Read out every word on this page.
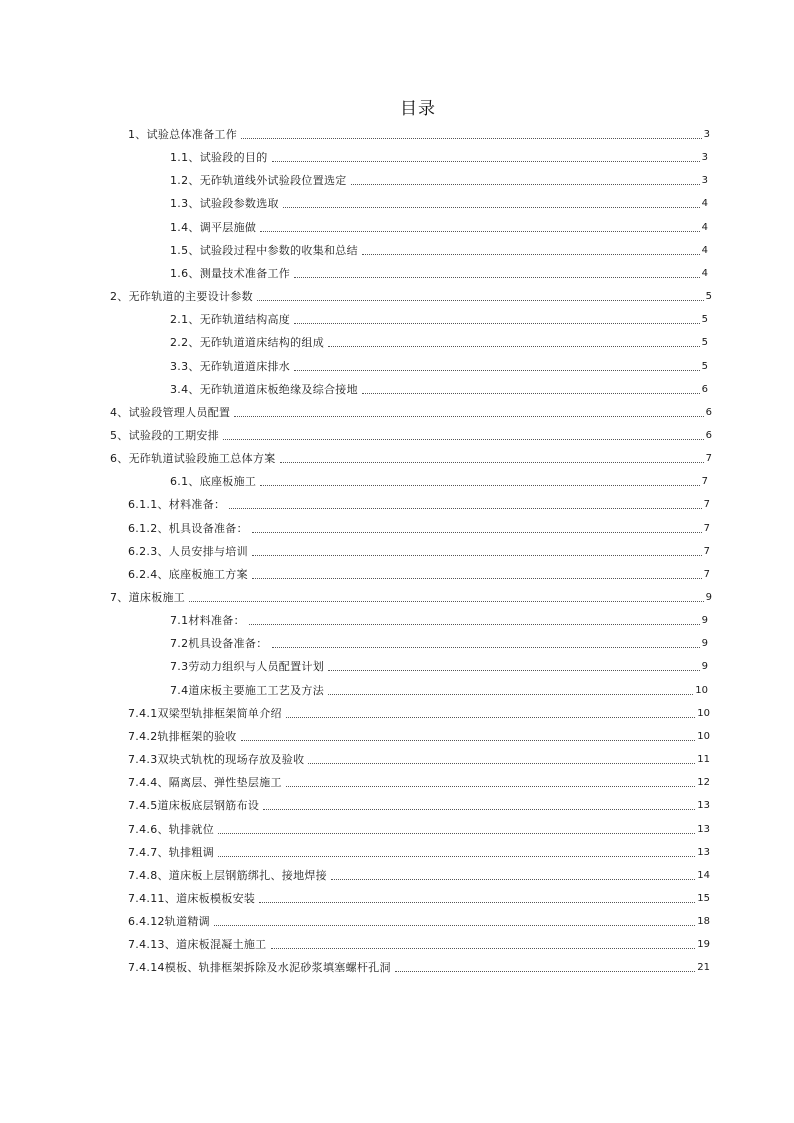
目录
1、试验总体准备工作	3
1.1、试验段的目的	3
1.2、无砟轨道线外试验段位置选定	3
1.3、试验段参数选取	4
1.4、调平层施做	4
1.5、试验段过程中参数的收集和总结	4
1.6、测量技术准备工作	4
2、无砟轨道的主要设计参数	5
2.1、无砟轨道结构高度	5
2.2、无砟轨道道床结构的组成	5
3.3、无砟轨道道床排水	5
3.4、无砟轨道道床板绝缘及综合接地	6
4、试验段管理人员配置	6
5、试验段的工期安排	6
6、无砟轨道试验段施工总体方案	7
6.1、底座板施工	7
6.1.1、材料准备：	7
6.1.2、机具设备准备：	7
6.2.3、人员安排与培训	7
6.2.4、底座板施工方案	7
7、道床板施工	9
7.1材料准备：	9
7.2机具设备准备：	9
7.3劳动力组织与人员配置计划	9
7.4道床板主要施工工艺及方法	10
7.4.1双梁型轨排框架简单介绍	10
7.4.2轨排框架的验收	10
7.4.3双块式轨枕的现场存放及验收	11
7.4.4、隔离层、弹性垫层施工	12
7.4.5道床板底层钢筋布设	13
7.4.6、轨排就位	13
7.4.7、轨排粗调	13
7.4.8、道床板上层钢筋绑扎、接地焊接	14
7.4.11、道床板模板安装	15
6.4.12轨道精调	18
7.4.13、道床板混凝土施工	19
7.4.14模板、轨排框架拆除及水泥砂浆填塞螺杆孔洞	21
